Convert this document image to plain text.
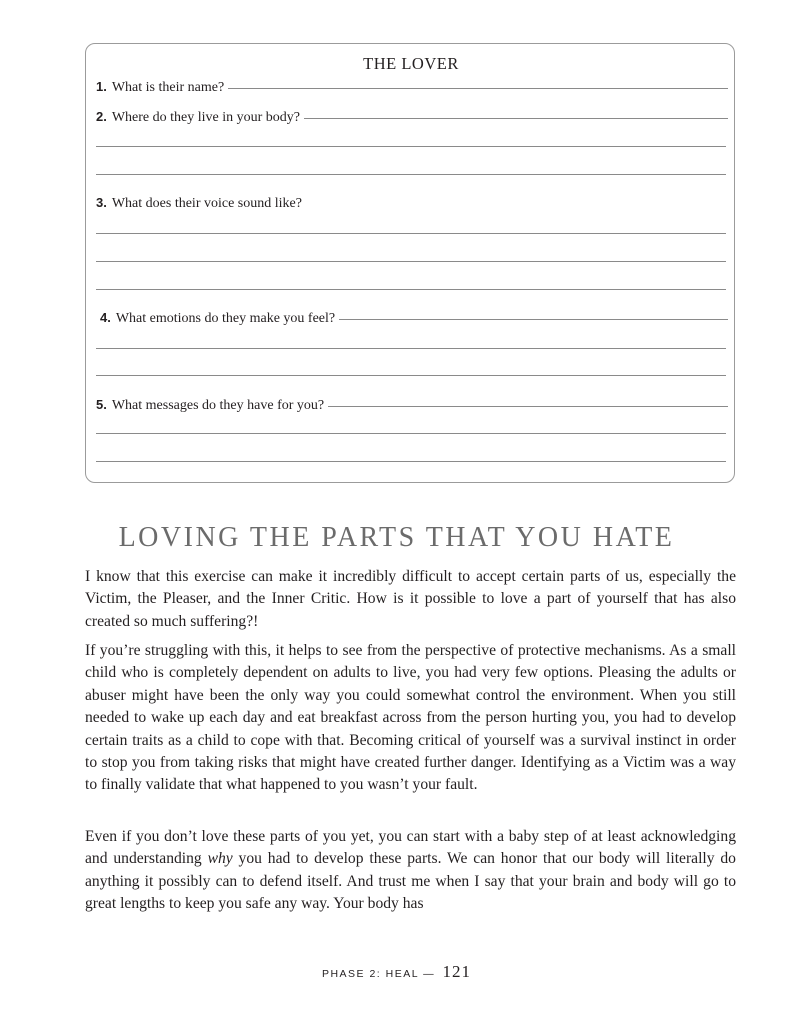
THE LOVER
1. What is their name?
2. Where do they live in your body?
3. What does their voice sound like?
4. What emotions do they make you feel?
5. What messages do they have for you?
LOVING THE PARTS THAT YOU HATE

I know that this exercise can make it incredibly difficult to accept certain parts of us, especially the Victim, the Pleaser, and the Inner Critic. How is it possible to love a part of yourself that has also created so much suffering?!

If you’re struggling with this, it helps to see from the perspective of protective mechanisms. As a small child who is completely dependent on adults to live, you had very few options. Pleasing the adults or abuser might have been the only way you could somewhat control the environment. When you still needed to wake up each day and eat breakfast across from the person hurting you, you had to develop certain traits as a child to cope with that. Becoming critical of yourself was a survival instinct in order to stop you from taking risks that might have created further danger. Identifying as a Victim was a way to finally validate that what happened to you wasn’t your fault.

Even if you don’t love these parts of you yet, you can start with a baby step of at least acknowledging and understanding why you had to develop these parts. We can honor that our body will literally do anything it possibly can to defend itself. And trust me when I say that your brain and body will go to great lengths to keep you safe any way. Your body has

PHASE 2: HEAL — 121
